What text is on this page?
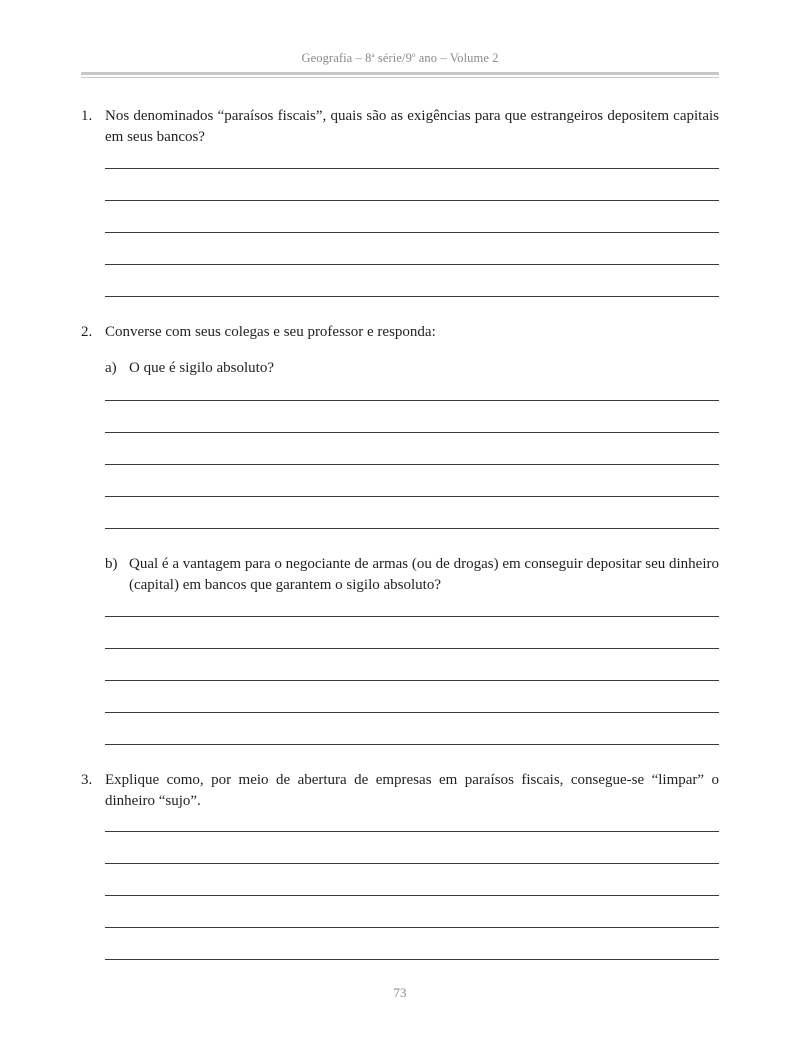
Geografia – 8$^a$ série/9$^o$ ano – Volume 2
1. Nos denominados “paraísos fiscais”, quais são as exigências para que estrangeiros depositem capitais em seus bancos?
2. Converse com seus colegas e seu professor e responda:
a) O que é sigilo absoluto?
b) Qual é a vantagem para o negociante de armas (ou de drogas) em conseguir depositar seu dinheiro (capital) em bancos que garantem o sigilo absoluto?
3. Explique como, por meio de abertura de empresas em paraísos fiscais, consegue-se “limpar” o dinheiro “sujo”.
73
